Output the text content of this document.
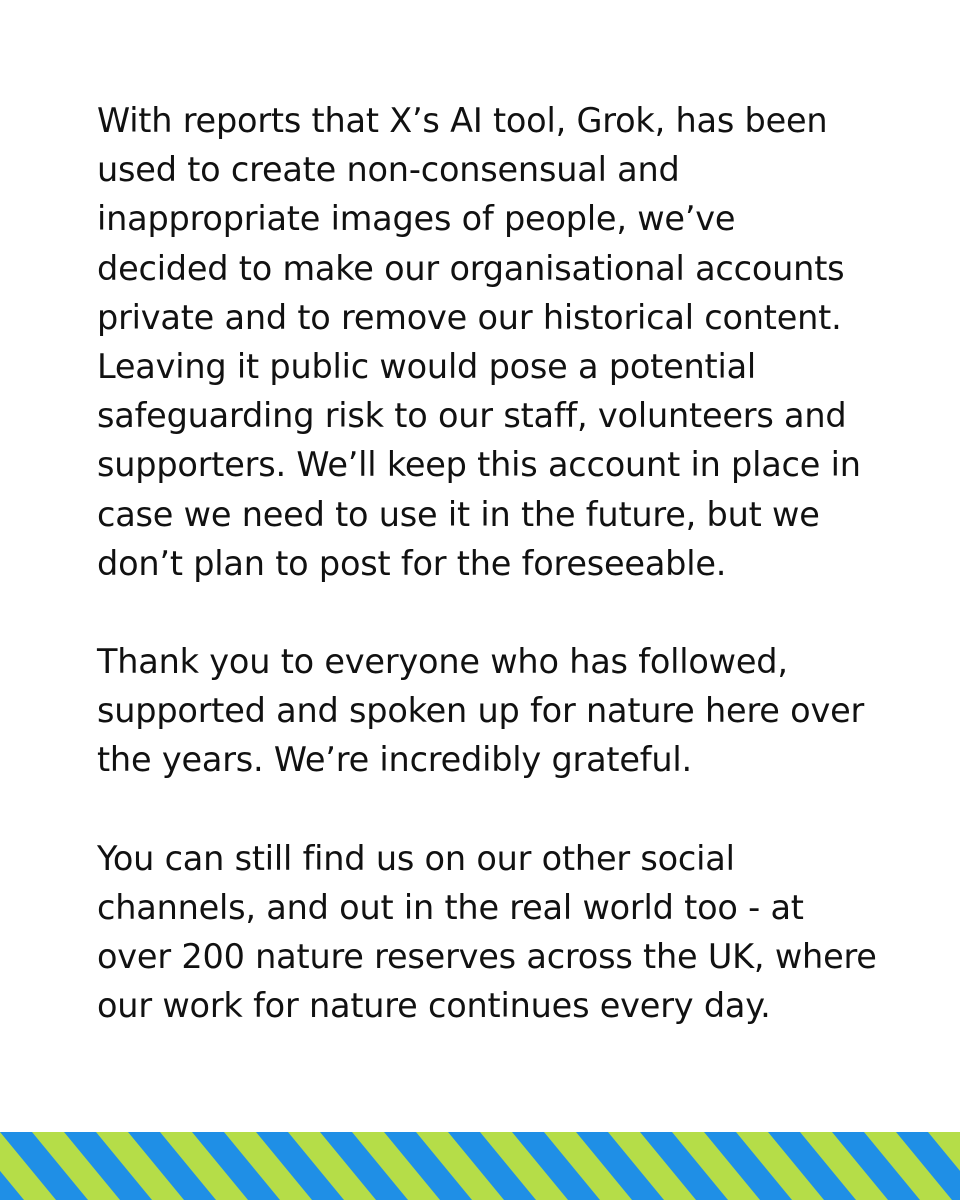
With reports that X’s AI tool, Grok, has been
used to create non-consensual and
inappropriate images of people, we’ve
decided to make our organisational accounts
private and to remove our historical content.
Leaving it public would pose a potential
safeguarding risk to our staff, volunteers and
supporters. We’ll keep this account in place in
case we need to use it in the future, but we
don’t plan to post for the foreseeable.
Thank you to everyone who has followed,
supported and spoken up for nature here over
the years. We’re incredibly grateful.
You can still find us on our other social
channels, and out in the real world too - at
over 200 nature reserves across the UK, where
our work for nature continues every day.
